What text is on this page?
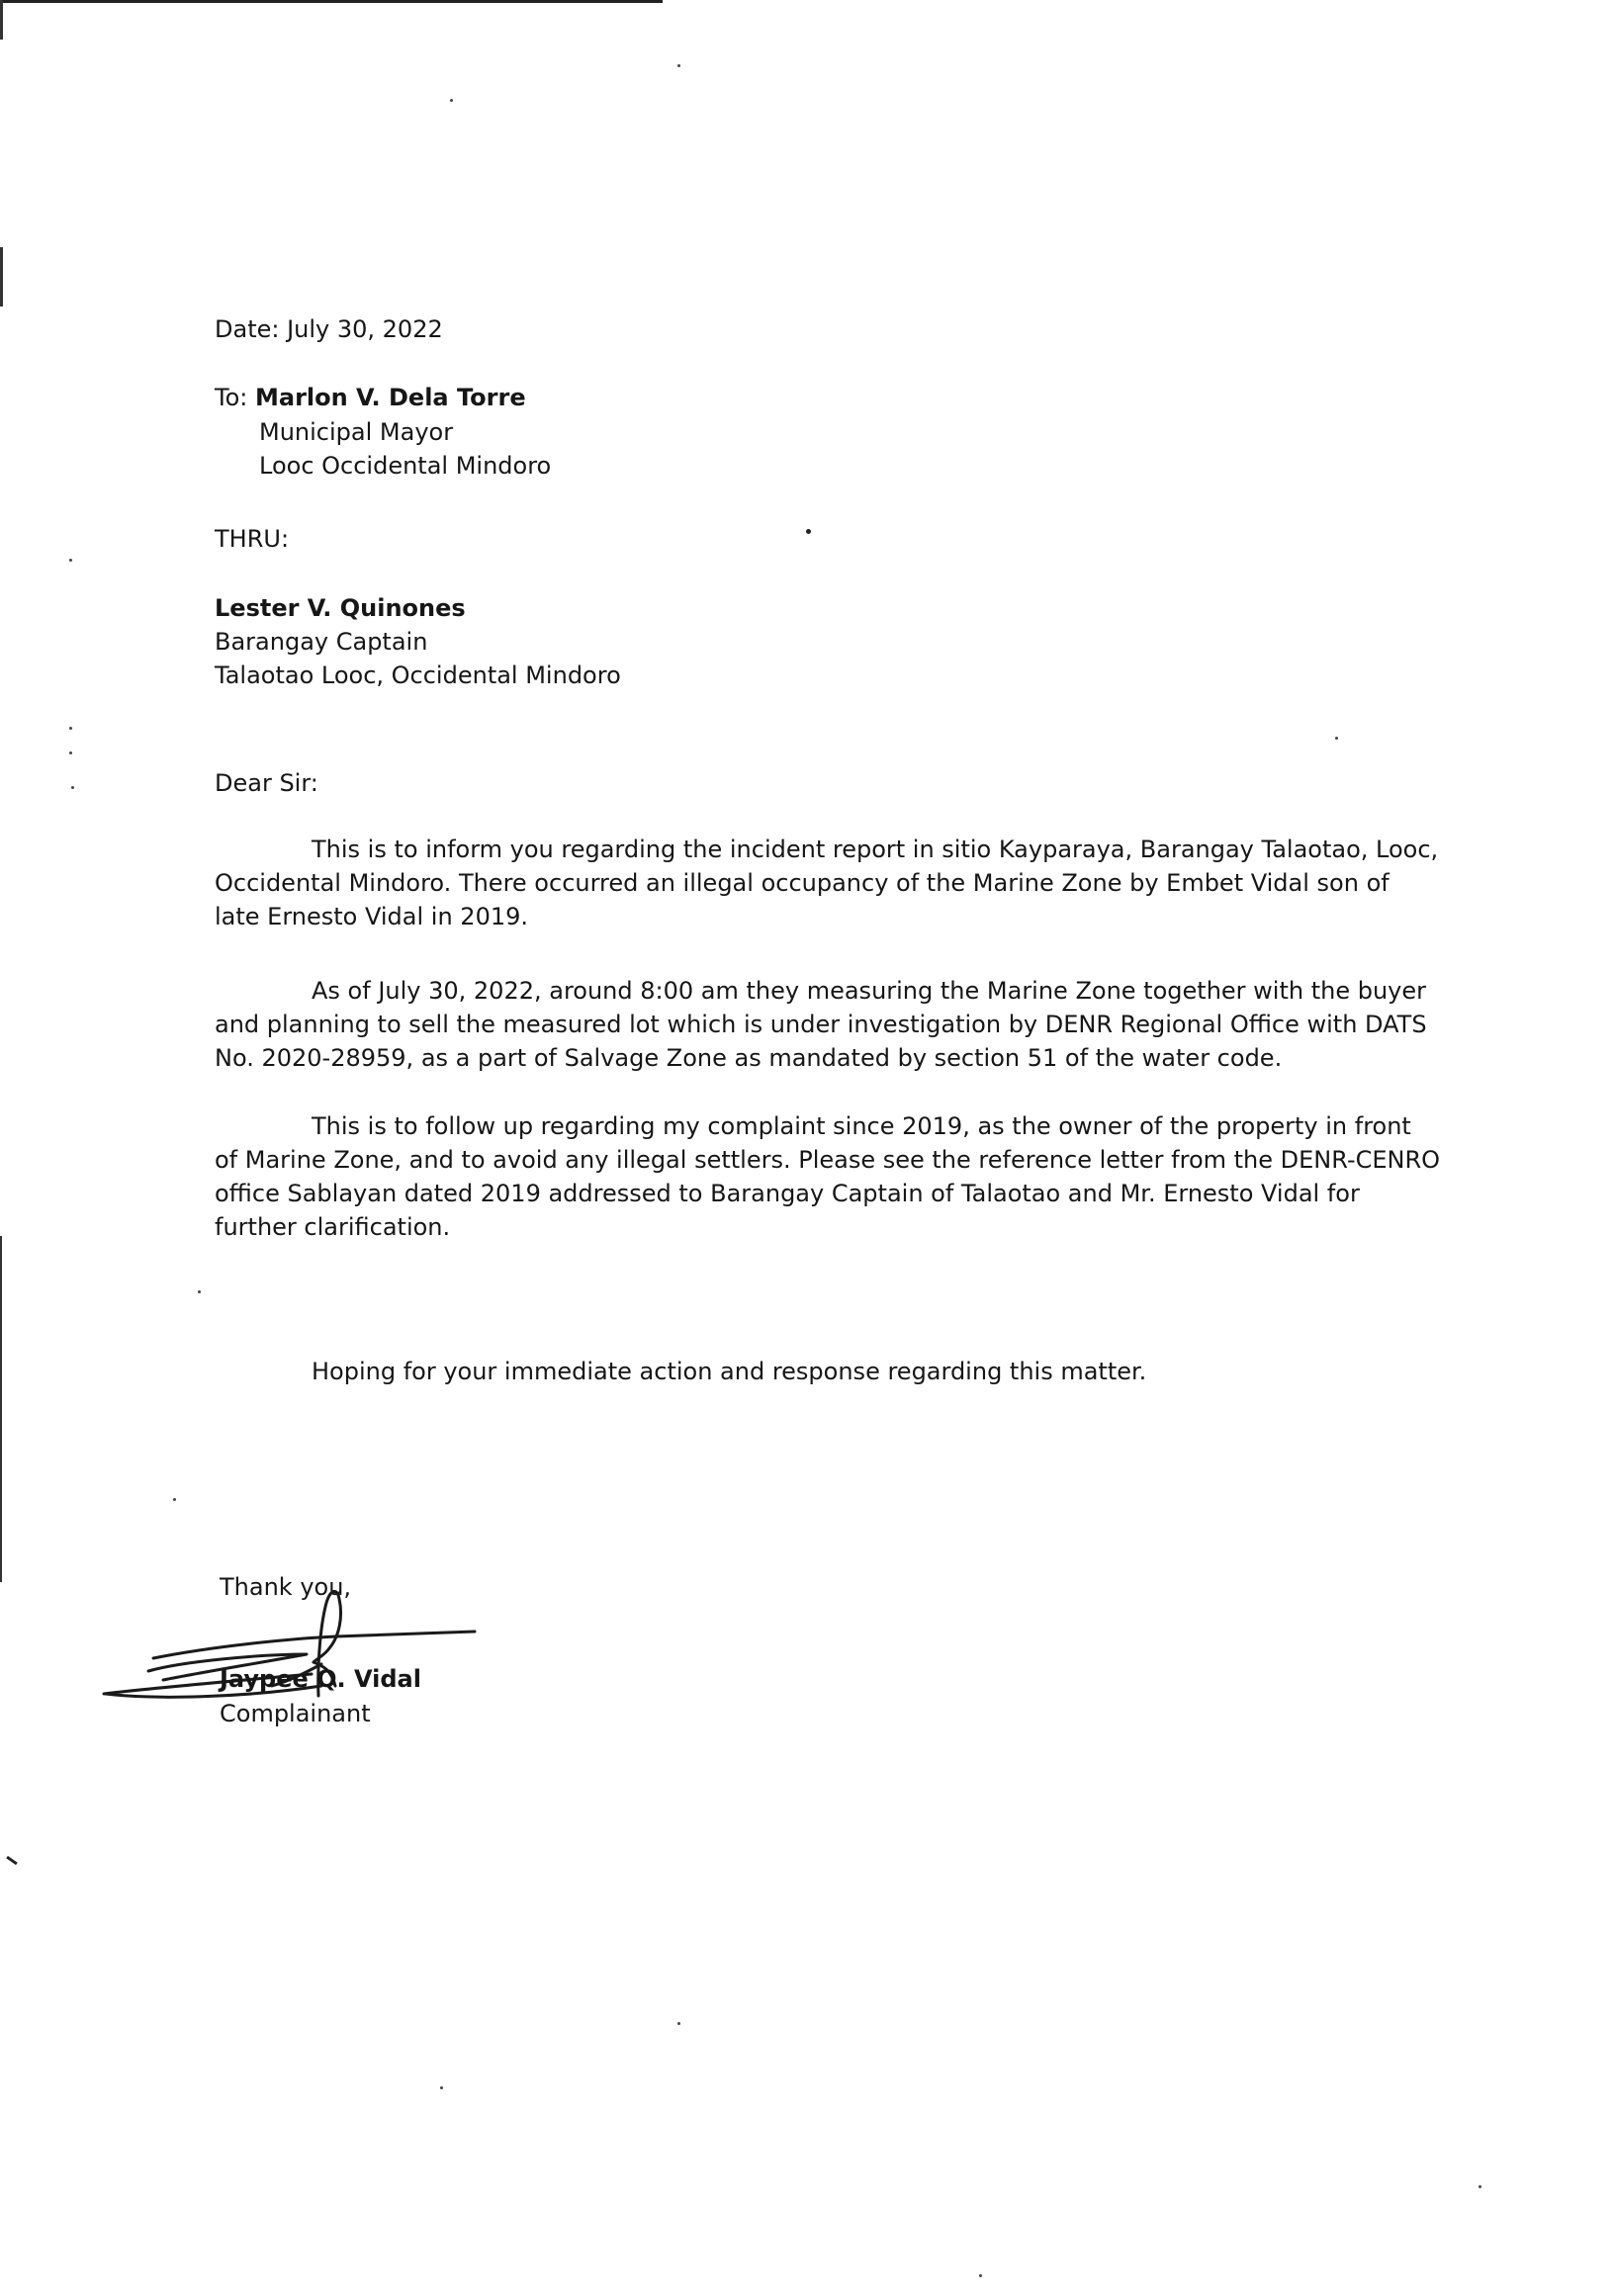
Date: July 30, 2022
To: Marlon V. Dela Torre
Municipal Mayor
Looc Occidental Mindoro
THRU:
Lester V. Quinones
Barangay Captain
Talaotao Looc, Occidental Mindoro
Dear Sir:

This is to inform you regarding the incident report in sitio Kayparaya, Barangay Talaotao, Looc, Occidental Mindoro. There occurred an illegal occupancy of the Marine Zone by Embet Vidal son of late Ernesto Vidal in 2019.

As of July 30, 2022, around 8:00 am they measuring the Marine Zone together with the buyer and planning to sell the measured lot which is under investigation by DENR Regional Office with DATS No. 2020-28959, as a part of Salvage Zone as mandated by section 51 of the water code.

This is to follow up regarding my complaint since 2019, as the owner of the property in front of Marine Zone, and to avoid any illegal settlers. Please see the reference letter from the DENR-CENRO office Sablayan dated 2019 addressed to Barangay Captain of Talaotao and Mr. Ernesto Vidal for further clarification.

Hoping for your immediate action and response regarding this matter.
Thank you,
Jaypee Q. Vidal
Complainant
